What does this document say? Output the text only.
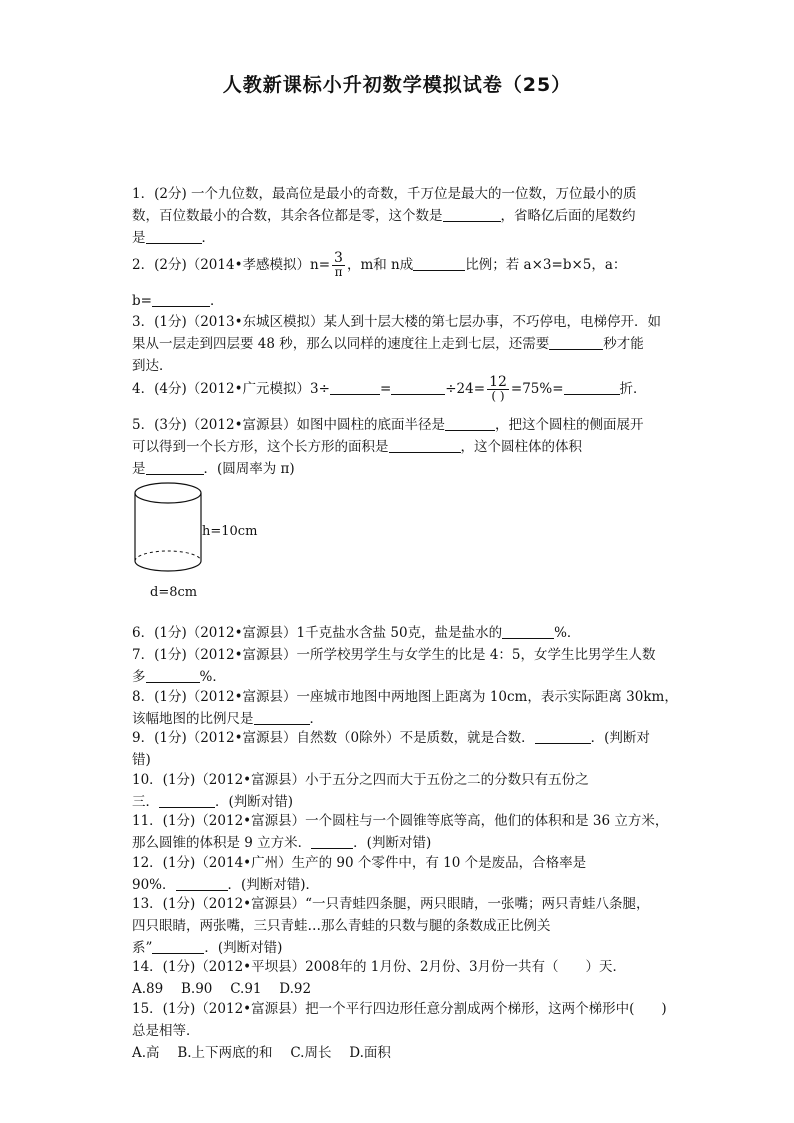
人教新课标小升初数学模拟试卷（25）
1．(2分) 一个九位数，最高位是最小的奇数，千万位是最大的一位数，万位最小的质
数，百位数最小的合数，其余各位都是零，这个数是	，省略亿后面的尾数约
是	．
2．(2分)（2014•孝感模拟）$n= \frac{3}{\pi}$ ，m和 n成	比例；若 a×3=b×5，a：
b=	．
3．(1分)（2013•东城区模拟）某人到十层大楼的第七层办事，不巧停电，电梯停开．如
果从一层走到四层要 48 秒，那么以同样的速度往上走到七层，还需要	秒才能
到达．
4．(4分)（2012•广元模拟）3÷	=	$\div 24= \frac{12}{( )} =75\%=$	折．
5．(3分)（2012•富源县）如图中圆柱的底面半径是	，把这个圆柱的侧面展开
可以得到一个长方形，这个长方形的面积是	，这个圆柱体的体积
是	．(圆周率为 π)
h=10cm
d=8cm
6．(1分)（2012•富源县）1千克盐水含盐 50克，盐是盐水的	%．
7．(1分)（2012•富源县）一所学校男学生与女学生的比是 4：5，女学生比男学生人数
多	%．
8．(1分)（2012•富源县）一座城市地图中两地图上距离为 10cm，表示实际距离 30km，
该幅地图的比例尺是	．
9．(1分)（2012•富源县）自然数（0除外）不是质数，就是合数．	．(判断对
错)
10．(1分)（2012•富源县）小于五分之四而大于五份之二的分数只有五份之
三．	．(判断对错)
11．(1分)（2012•富源县）一个圆柱与一个圆锥等底等高，他们的体积和是 36 立方米，
那么圆锥的体积是 9 立方米．	．(判断对错)
12．(1分)（2014•广州）生产的 90 个零件中，有 10 个是废品，合格率是
90%．	．(判断对错)．
13．(1分)（2012•富源县）“一只青蛙四条腿，两只眼睛，一张嘴；两只青蛙八条腿，
四只眼睛，两张嘴，三只青蛙…那么青蛙的只数与腿的条数成正比例关
系”	．(判断对错)
14．(1分)（2012•平坝县）2008年的 1月份、2月份、3月份一共有（　　）天．
A.89　 B.90　 C.91　 D.92
15．(1分)（2012•富源县）把一个平行四边形任意分割成两个梯形，这两个梯形中(　　)
总是相等．
A.高　 B.上下两底的和　 C.周长　 D.面积
